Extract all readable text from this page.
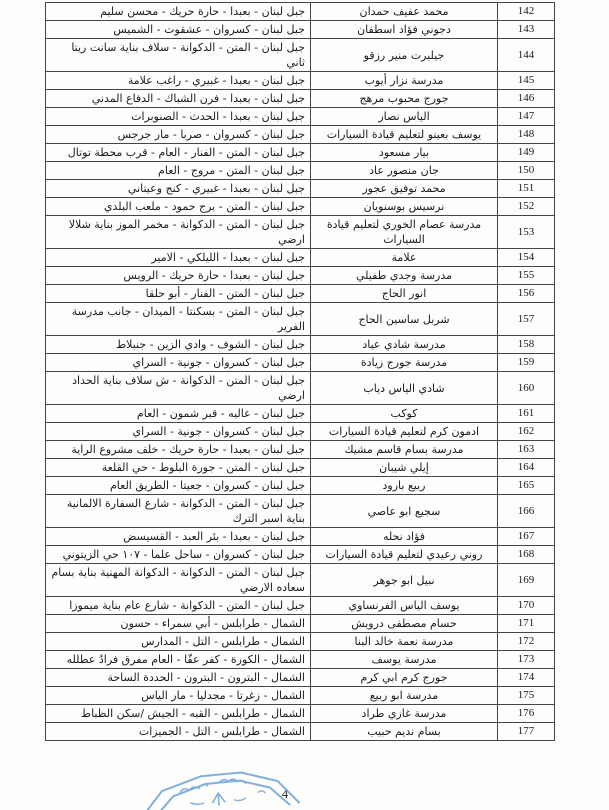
142	محمد عفيف حمدان	جبل لبنان - بعبدا - حارة حريك - محسن سليم
143	دجوني فؤاد اسطفان	جبل لبنان - كسروان - عشقوت - الشميس
144	جيلبرت منير رزقو	جبل لبنان - المتن - الدكوانة - سلاف بناية سانت ريتا ثاني
145	مدرسة نزار أيوب	جبل لبنان - بعبدا - غبيري - راغب علامة
146	جورج محبوب مرهج	جبل لبنان - بعبدا - فرن الشباك - الدفاع المدني
147	الياس نصار	جبل لبنان - بعبدا - الحدث - الصنوبرات
148	يوسف بعينو لتعليم قيادة السيارات	جبل لبنان - كسروان - صربا - مار جرجس
149	بيار مسعود	جبل لبنان - المتن - الفنار - العام - قرب محطة توتال
150	جان منصور عاد	جبل لبنان - المتن - مروج - العام
151	محمد توفيق عجور	جبل لبنان - بعبدا - غبيري - كنج وعيتاني
152	نرسيس بوسنويان	جبل لبنان - المتن - برج حمود - ملعب البلدي
153	مدرسة عصام الخوري لتعليم قيادة السيارات	جبل لبنان - المتن - الدكوانة - مخمر الموز بناية شلالا ارضي
154	علامة	جبل لبنان - بعبدا - الليلكي - الامير
155	مدرسة وجدي طفيلي	جبل لبنان - بعبدا - حارة حريك - الرويس
156	انور الحاج	جبل لبنان - المتن - الفنار - أبو حلقا
157	شربل ساسين الحاج	جبل لبنان - المتن - بسكنتا - الميدان - جانب مدرسة الفرير
158	مدرسة شادي عياد	جبل لبنان - الشوف - وادي الزين - جنبلاط
159	مدرسة جورج زيادة	جبل لبنان - كسروان - جونية - السراي
160	شادي الياس دياب	جبل لبنان - المتن - الدكوانة - ش سلاف بناية الحداد ارضي
161	كوكب	جبل لبنان - عاليه - قبر شمون - العام
162	ادمون كرم لتعليم قيادة السيارات	جبل لبنان - كسروان - جونية - السراي
163	مدرسة بسام قاسم مشيك	جبل لبنان - بعبدا - حارة حريك - خلف مشروع الراية
164	إيلي شيبان	جبل لبنان - المتن - جورة البلوط - حي القلعة
165	ربيع بارود	جبل لبنان - كسروان - جعيتا - الطريق العام
166	سجيع ابو عاصي	جبل لبنان - المتن - الدكوانة - شارع السفارة الالمانية بناية اسبر الترك
167	فؤاد نحله	جبل لبنان - بعبدا - بئر العبد - القسيسض
168	روني رعيدي لتعليم قيادة السيارات	جبل لبنان - كسروان - ساحل علما - ١٠٧ حي الزيتوني
169	نبيل ابو جوهر	جبل لبنان - المتن - الدكوانة - الدكوانة المهنية بناية بسام سعاده الارضي
170	يوسف الياس الفرنساوي	جبل لبنان - المتن - الدكوانة - شارع عام بناية ميموزا
171	حسام مصطفى درويش	الشمال - طرابلس - أبي سمراء - حسون
172	مدرسة نعمة خالد البنا	الشمال - طرابلس - التل - المدارس
173	مدرسة يوسف	الشمال - الكورة - كفر عقّا - العام مفرق فرادُ عطلله
174	جورج كرم ابي كرم	الشمال - البترون - البترون - الحددة الساحة
175	مدرسة ابو ربيع	الشمال - زغرتا - مجدليا - مار الياس
176	مدرسة غازي طراد	الشمال - طرابلس - القبه - الجيش /سكن الظباط
177	بسام نديم حبيب	الشمال - طرابلس - التل - الجميزات
4
